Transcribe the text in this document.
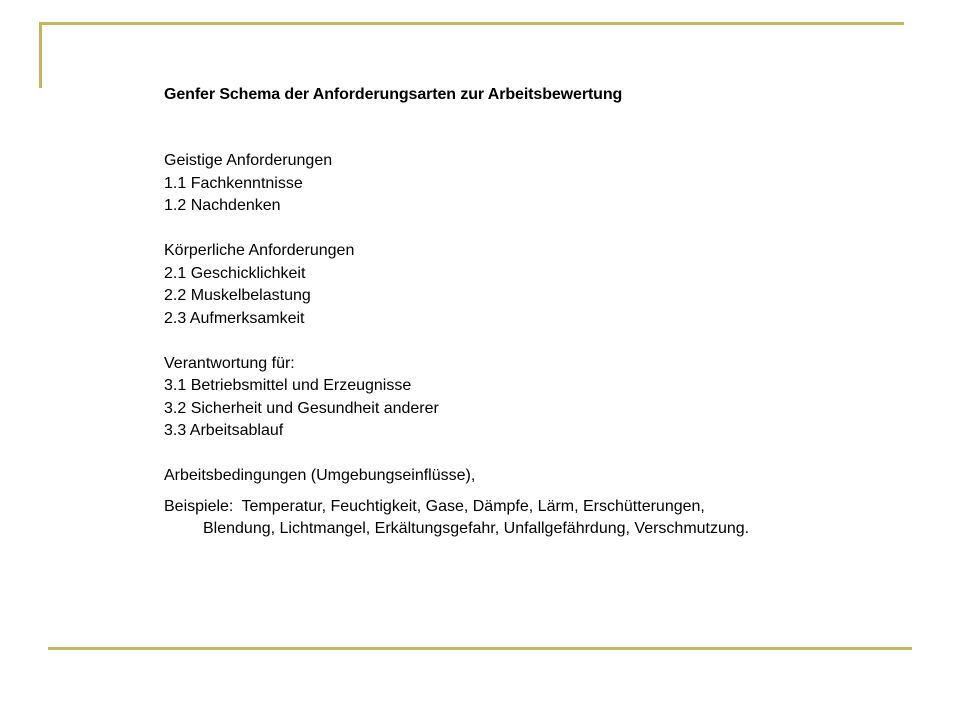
Genfer Schema der Anforderungsarten zur Arbeitsbewertung

Geistige Anforderungen

1.1 Fachkenntnisse

1.2 Nachdenken

Körperliche Anforderungen

2.1 Geschicklichkeit

2.2 Muskelbelastung

2.3 Aufmerksamkeit

Verantwortung für:

3.1 Betriebsmittel und Erzeugnisse

3.2 Sicherheit und Gesundheit anderer

3.3 Arbeitsablauf

Arbeitsbedingungen (Umgebungseinflüsse),

Beispiele: Temperatur, Feuchtigkeit, Gase, Dämpfe, Lärm, Erschütterungen,

Blendung, Lichtmangel, Erkältungsgefahr, Unfallgefährdung, Verschmutzung.
